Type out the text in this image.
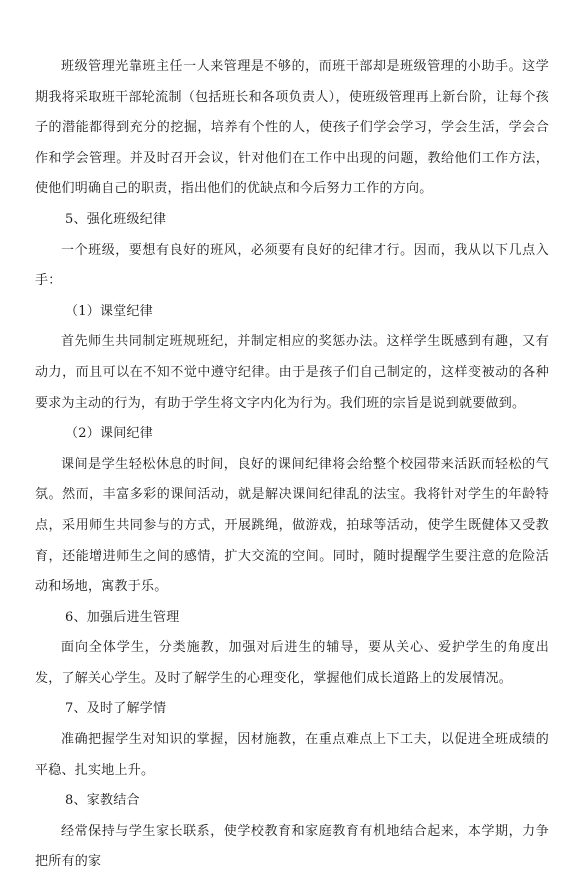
班级管理光靠班主任一人来管理是不够的，而班干部却是班级管理的小助手。这学期我将采取班干部轮流制（包括班长和各项负责人），使班级管理再上新台阶，让每个孩子的潜能都得到充分的挖掘，培养有个性的人，使孩子们学会学习，学会生活，学会合作和学会管理。并及时召开会议，针对他们在工作中出现的问题，教给他们工作方法，使他们明确自己的职责，指出他们的优缺点和今后努力工作的方向。

5、强化班级纪律

一个班级，要想有良好的班风，必须要有良好的纪律才行。因而，我从以下几点入手：

（1）课堂纪律

首先师生共同制定班规班纪，并制定相应的奖惩办法。这样学生既感到有趣，又有动力，而且可以在不知不觉中遵守纪律。由于是孩子们自己制定的，这样变被动的各种要求为主动的行为，有助于学生将文字内化为行为。我们班的宗旨是说到就要做到。

（2）课间纪律

课间是学生轻松休息的时间，良好的课间纪律将会给整个校园带来活跃而轻松的气氛。然而，丰富多彩的课间活动，就是解决课间纪律乱的法宝。我将针对学生的年龄特点，采用师生共同参与的方式，开展跳绳，做游戏，拍球等活动，使学生既健体又受教育，还能增进师生之间的感情，扩大交流的空间。同时，随时提醒学生要注意的危险活动和场地，寓教于乐。

6、加强后进生管理

面向全体学生，分类施教，加强对后进生的辅导，要从关心、爱护学生的角度出发，了解关心学生。及时了解学生的心理变化，掌握他们成长道路上的发展情况。

7、及时了解学情

准确把握学生对知识的掌握，因材施教，在重点难点上下工夫，以促进全班成绩的平稳、扎实地上升。

8、家教结合

经常保持与学生家长联系，使学校教育和家庭教育有机地结合起来，本学期，力争把所有的家
